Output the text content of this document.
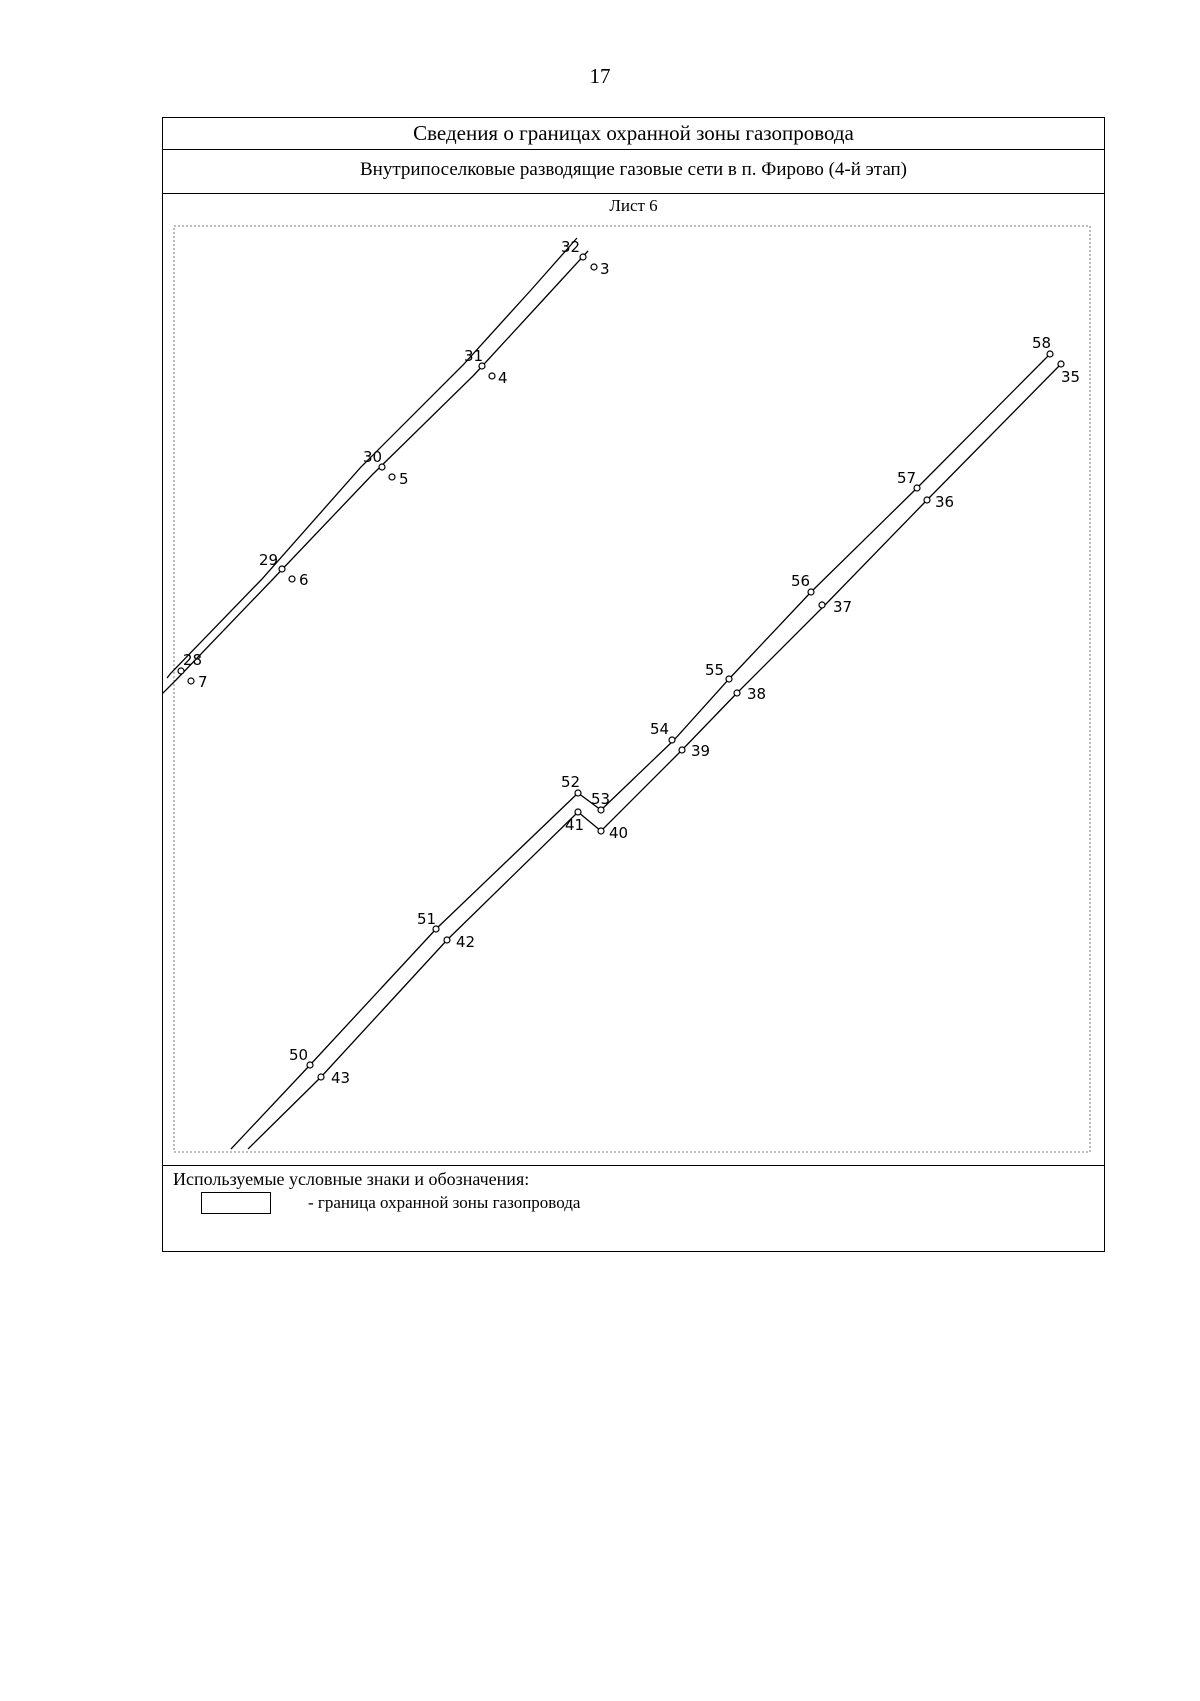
17
Сведения о границах охранной зоны газопровода
Внутрипоселковые разводящие газовые сети в п. Фирово (4-й этап)
Лист 6
32
3
31
4
30
5
29
6
28
7
58
35
57
36
56
37
55
38
54
39
52
53
41 40
51
42
50
43
Используемые условные знаки и обозначения:
- граница охранной зоны газопровода
